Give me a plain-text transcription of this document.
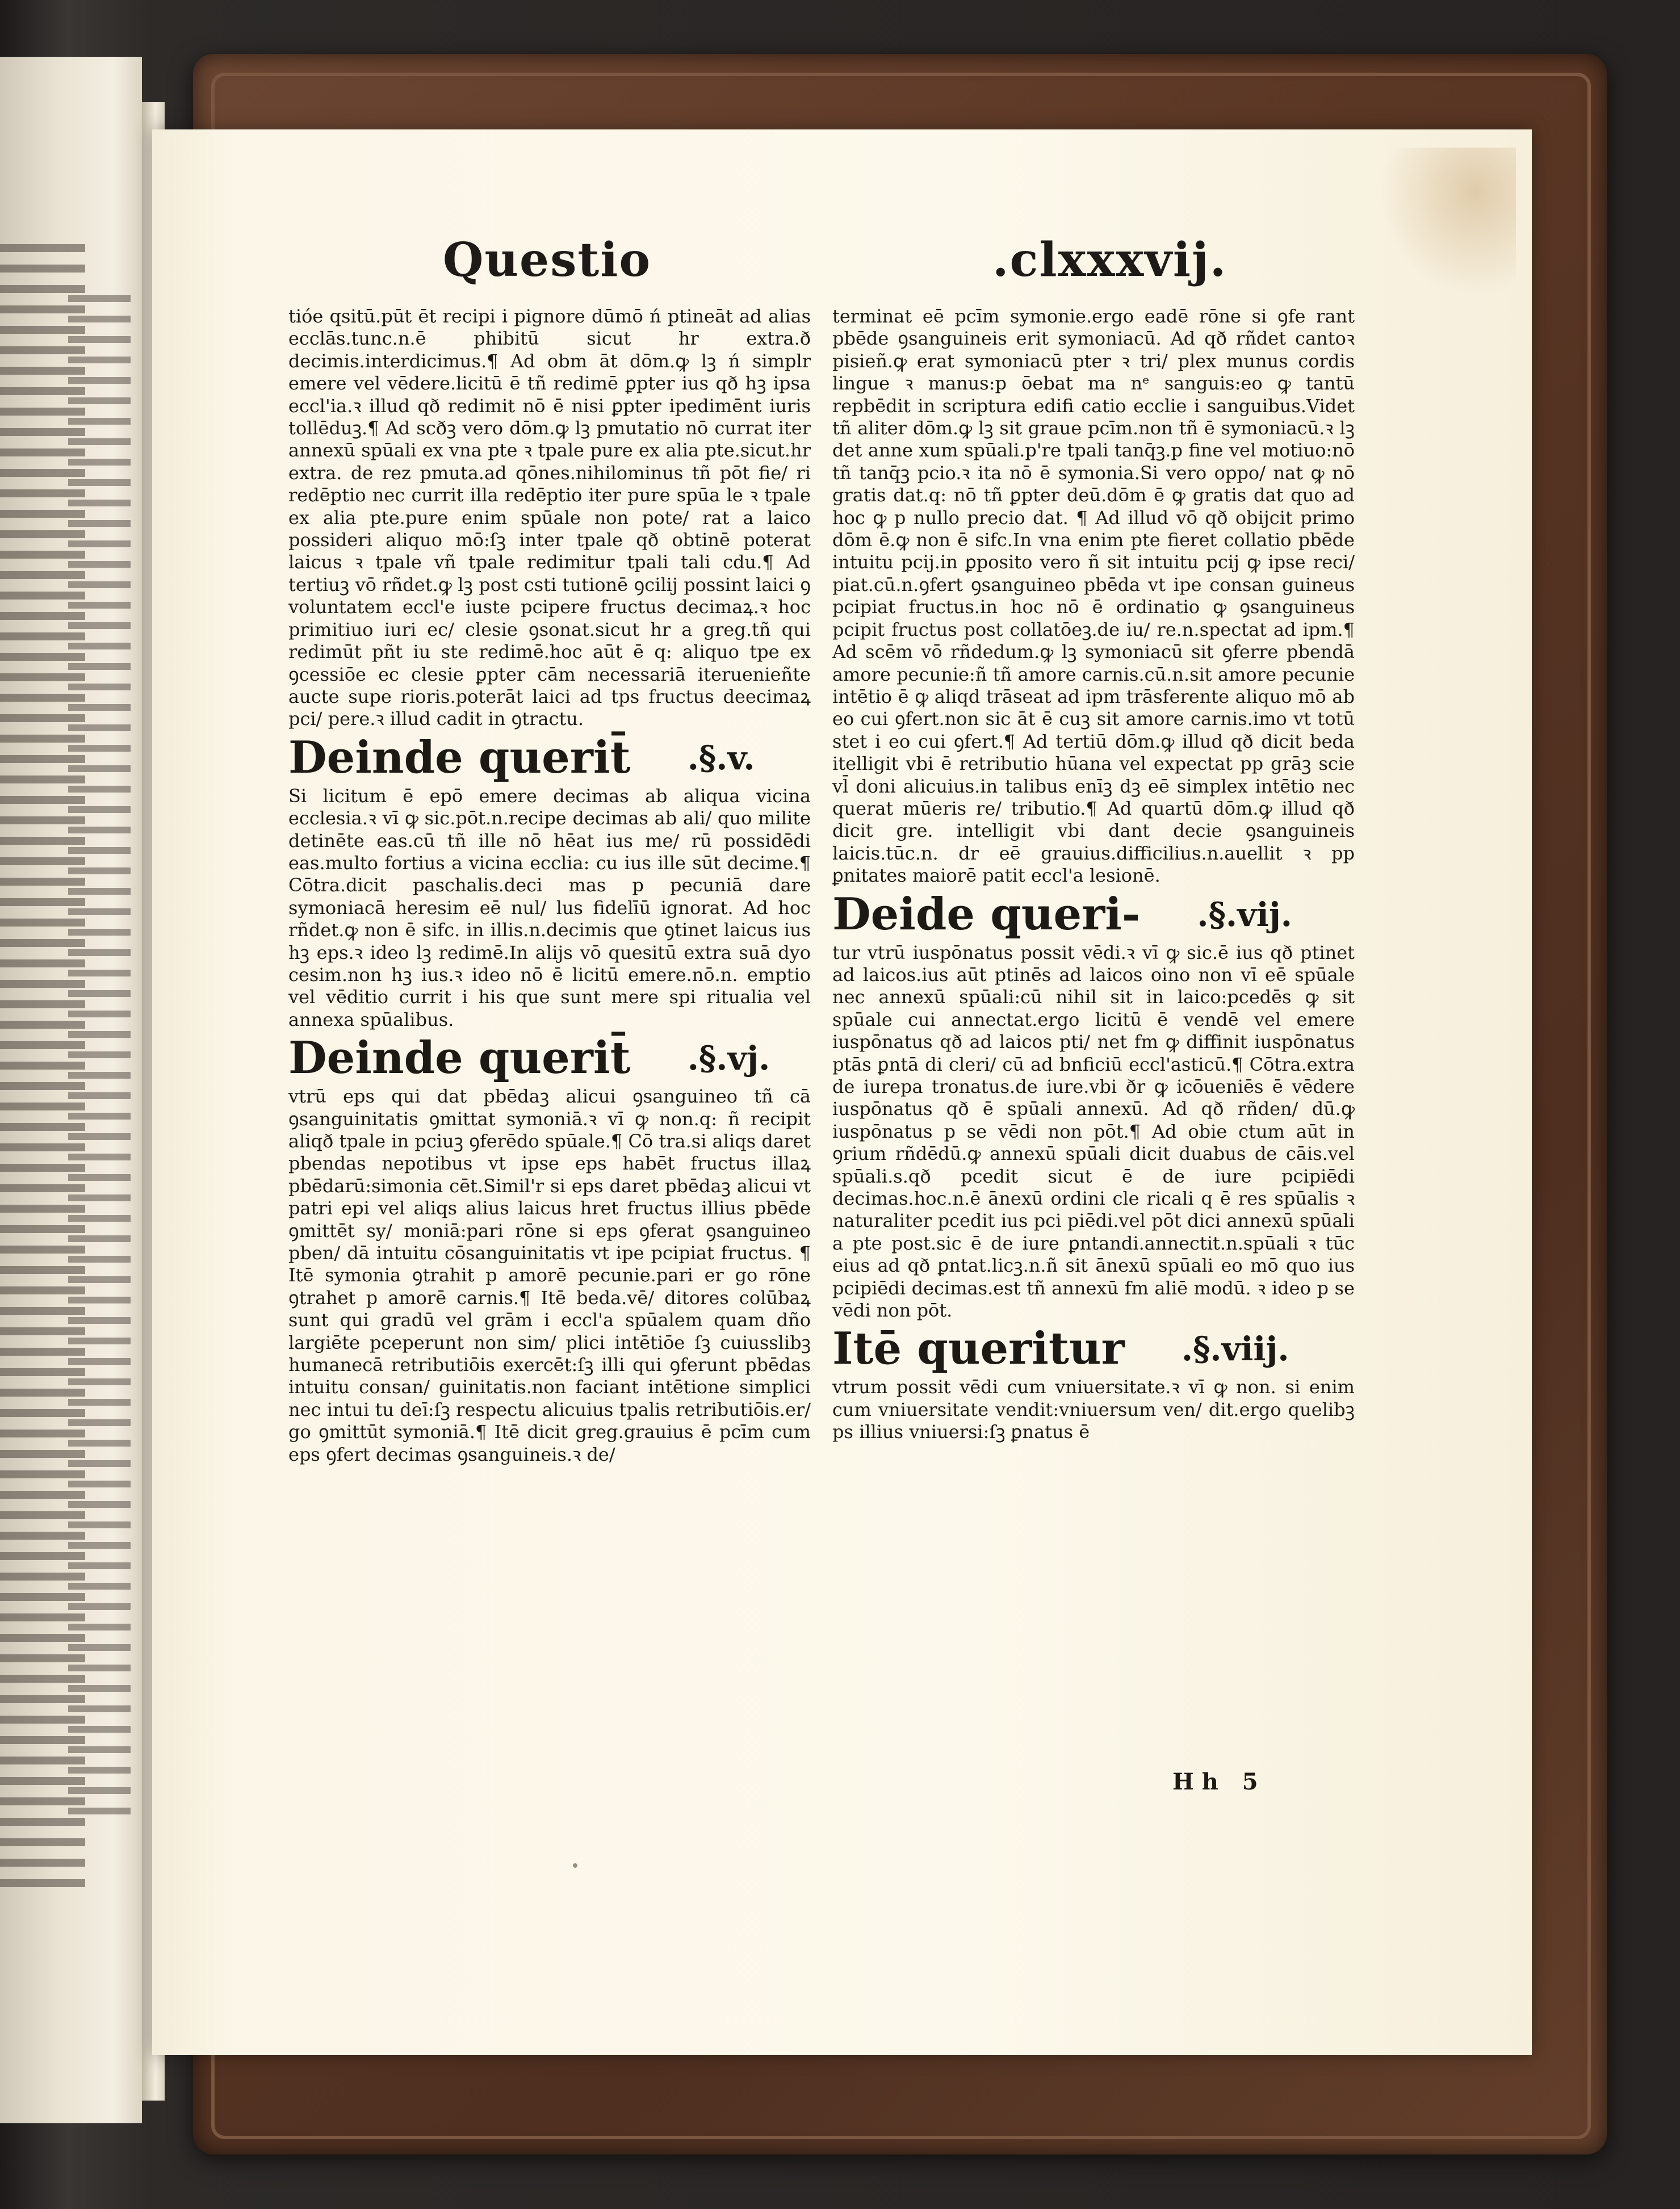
Questio	.clxxxvij.

tióe qsitū.pūt ēt recipi i pignore dūmō ń ptineāt ad alias ecclās.tunc.n.ē phibitū sicut hr extra.ð decimis.interdicimus.¶ Ad obm āt dōm.ꝙ lꝫ ń simplr emere vel vēdere.licitū ē tñ redimē ꝑpter ius qð hꝫ ipsa eccl'ia.ꝛ illud qð redimit nō ē nisi ꝑpter ipedimēnt iuris tollēduꝫ.¶ Ad scðꝫ vero dōm.ꝙ lꝫ pmutatio nō currat iter annexū spūali ex vna pte ꝛ tpale pure ex alia pte.sicut.hr extra. de rez pmuta.ad qōnes.nihilominus tñ pōt fie/ ri redēptio nec currit illa redēptio iter pure spūa le ꝛ tpale ex alia pte.pure enim spūale non pote/ rat a laico possideri aliquo mō:ſꝫ inter tpale qð obtinē poterat laicus ꝛ tpale vñ tpale redimitur tpali tali cdu.¶ Ad tertiuꝫ vō rñdet.ꝙ lꝫ post csti tutionē ꝯcilij possint laici ꝯ voluntatem eccl'e iuste pcipere fructus decimaꝝ.ꝛ hoc primitiuo iuri ec/ clesie ꝯsonat.sicut hr a greg.tñ qui redimūt pñt iu ste redimē.hoc aūt ē q: aliquo tpe ex ꝯcessiōe ec clesie ꝑpter cām necessariā iteruenieñte aucte supe rioris.poterāt laici ad tps fructus deecimaꝝ pci/ pere.ꝛ illud cadit in ꝯtractu.

Deinde querit̄ .§.v.

Si licitum ē epō emere decimas ab aliqua vicina ecclesia.ꝛ vī ꝙ sic.pōt.n.recipe decimas ab ali/ quo milite detinēte eas.cū tñ ille nō hēat ius me/ rū possidēdi eas.multo fortius a vicina ecclia: cu ius ille sūt decime.¶ Cōtra.dicit paschalis.deci mas p pecuniā dare symoniacā heresim eē nul/ lus fidelīū ignorat. Ad hoc rñdet.ꝙ non ē sifc. in illis.n.decimis que ꝯtinet laicus ius hꝫ eps.ꝛ ideo lꝫ redimē.In alijs vō quesitū extra suā dyo cesim.non hꝫ ius.ꝛ ideo nō ē licitū emere.nō.n. emptio vel vēditio currit i his que sunt mere spi ritualia vel annexa spūalibus.

Deinde querit̄ .§.vj.

vtrū eps qui dat pbēdaꝫ alicui ꝯsanguineo tñ cā ꝯsanguinitatis ꝯmittat symoniā.ꝛ vī ꝙ non.q: ñ recipit aliqð tpale in pciuꝫ ꝯferēdo spūale.¶ Cō tra.si aliqs daret pbendas nepotibus vt ipse eps habēt fructus illaꝝ pbēdarū:simonia cēt.Simil'r si eps daret pbēdaꝫ alicui vt patri epi vel aliqs alius laicus hret fructus illius pbēde ꝯmittēt sy/ moniā:pari rōne si eps ꝯferat ꝯsanguineo pben/ dā intuitu cōsanguinitatis vt ipe pcipiat fructus. ¶ Itē symonia ꝯtrahit p amorē pecunie.pari er go rōne ꝯtrahet p amorē carnis.¶ Itē beda.vē/ ditores colūbaꝝ sunt qui gradū vel grām i eccl'a spūalem quam dño largiēte pceperunt non sim/ plici intētiōe ſꝫ cuiusslibꝫ humanecā retributiōis exercēt:ſꝫ illi qui ꝯferunt pbēdas intuitu consan/ guinitatis.non faciant intētione simplici nec intui tu deī:ſꝫ respectu alicuius tpalis retributiōis.er/ go ꝯmittūt symoniā.¶ Itē dicit greg.grauius ē pcīm cum eps ꝯfert decimas ꝯsanguineis.ꝛ de/

terminat eē pcīm symonie.ergo eadē rōne si ꝯfe rant pbēde ꝯsanguineis erit symoniacū. Ad qð rñdet cantoꝛ pisieñ.ꝙ erat symoniacū pter ꝛ tri/ plex munus cordis lingue ꝛ manus:p ōebat ma nᵉ sanguis:eo ꝙ tantū repbēdit in scriptura edifi catio ecclie i sanguibus.Videt tñ aliter dōm.ꝙ lꝫ sit graue pcīm.non tñ ē symoniacū.ꝛ lꝫ det anne xum spūali.p're tpali tanq̄ꝫ.p fine vel motiuo:nō tñ tanq̄ꝫ pcio.ꝛ ita nō ē symonia.Si vero oppo/ nat ꝙ nō gratis dat.q: nō tñ ꝑpter deū.dōm ē ꝙ gratis dat quo ad hoc ꝙ p nullo precio dat. ¶ Ad illud vō qð obijcit primo dōm ē.ꝙ non ē sifc.In vna enim pte fieret collatio pbēde intuitu pcij.in ꝑposito vero ñ sit intuitu pcij ꝙ ipse reci/ piat.cū.n.ꝯfert ꝯsanguineo pbēda vt ipe consan guineus pcipiat fructus.in hoc nō ē ordinatio ꝙ ꝯsanguineus pcipit fructus post collatōeꝫ.de iu/ re.n.spectat ad ipm.¶ Ad scēm vō rñdedum.ꝙ lꝫ symoniacū sit ꝯferre pbendā amore pecunie:ñ tñ amore carnis.cū.n.sit amore pecunie intētio ē ꝙ aliqd trāseat ad ipm trāsferente aliquo mō ab eo cui ꝯfert.non sic āt ē cuꝫ sit amore carnis.imo vt totū stet i eo cui ꝯfert.¶ Ad tertiū dōm.ꝙ illud qð dicit beda itelligit vbi ē retributio hūana vel expectat pp grāꝫ scie vl̄ doni alicuius.in talibus enīꝫ dꝫ eē simplex intētio nec querat mūeris re/ tributio.¶ Ad quartū dōm.ꝙ illud qð dicit gre. intelligit vbi dant decie ꝯsanguineis laicis.tūc.n. dr eē grauius.difficilius.n.auellit ꝛ pp ꝑnitates maiorē patit eccl'a lesionē.

Deide queri- .§.vij.

tur vtrū iuspōnatus possit vēdi.ꝛ vī ꝙ sic.ē ius qð ptinet ad laicos.ius aūt ptinēs ad laicos oino non vī eē spūale nec annexū spūali:cū nihil sit in laico:pcedēs ꝙ sit spūale cui annectat.ergo licitū ē vendē vel emere iuspōnatus qð ad laicos pti/ net fm ꝙ diffinit iuspōnatus ptās ꝑntā di cleri/ cū ad bnficiū eccl'asticū.¶ Cōtra.extra de iurepa tronatus.de iure.vbi ðr ꝙ icōueniēs ē vēdere iuspōnatus qð ē spūali annexū. Ad qð rñden/ dū.ꝙ iuspōnatus p se vēdi non pōt.¶ Ad obie ctum aūt in ꝯrium rñdēdū.ꝙ annexū spūali dicit duabus de cāis.vel spūali.s.qð pcedit sicut ē de iure pcipiēdi decimas.hoc.n.ē ānexū ordini cle ricali q ē res spūalis ꝛ naturaliter pcedit ius pci piēdi.vel pōt dici annexū spūali a pte post.sic ē de iure ꝑntandi.annectit.n.spūali ꝛ tūc eius ad qð ꝑntat.licꝫ.n.ñ sit ānexū spūali eo mō quo ius pcipiēdi decimas.est tñ annexū fm aliē modū. ꝛ ideo p se vēdi non pōt.

Itē queritur .§.viij.

vtrum possit vēdi cum vniuersitate.ꝛ vī ꝙ non. si enim cum vniuersitate vendit:vniuersum ven/ dit.ergo quelibꝫ ps illius vniuersi:ſꝫ ꝑnatus ē

Hh 5
